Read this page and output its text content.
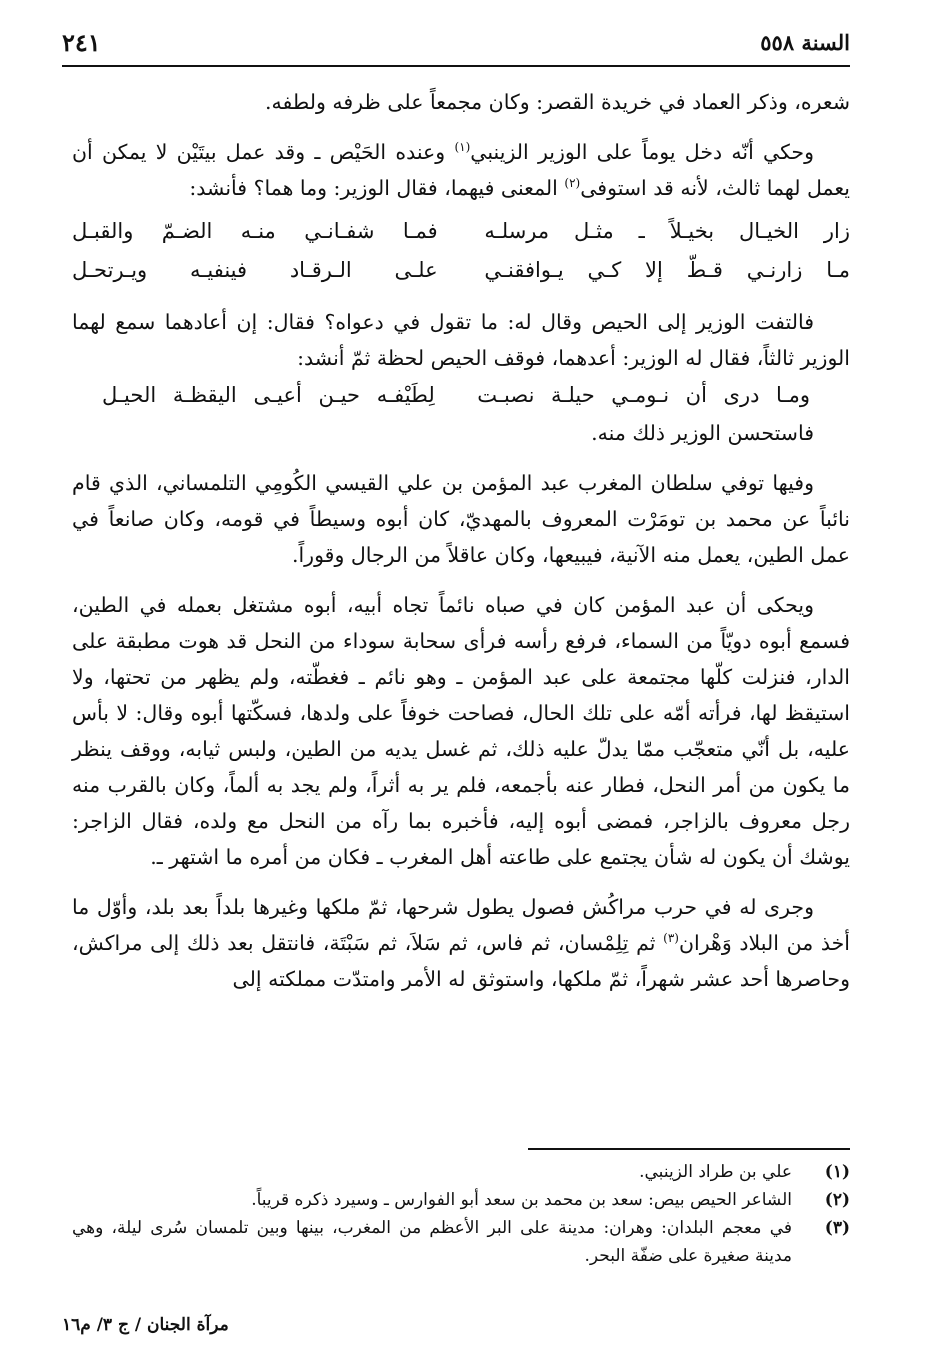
السنة ٥٥٨
٢٤١

شعره، وذكر العماد في خريدة القصر: وكان مجمعاً على ظرفه ولطفه.

وحكي أنّه دخل يوماً على الوزير الزينبي$^{(١)}$ وعنده الحَيْص ـ وقد عمل بيتَيْن لا يمكن أن يعمل لهما ثالث، لأنه قد استوفى$^{(٢)}$ المعنى فيهما، فقال الوزير: وما هما؟ فأنشد:

زار الخيـال بخيـلاً ـ مثـل مرسلـه
فمـا شفـانـي منـه الضـمّ والقبـل
مـا زارنـي قـطّ إلا كـي يـوافقنـي
علـى الـرقـاد فينفيـه ويـرتحـل

فالتفت الوزير إلى الحيص وقال له: ما تقول في دعواه؟ فقال: إن أعادهما سمع لهما الوزير ثالثاً، فقال له الوزير: أعدهما، فوقف الحيص لحظة ثمّ أنشد:

ومـا درى أن نـومـي حيلـة نصبـت
لِطَيْفـه حيـن أعيـى اليقظـة الحيـل

فاستحسن الوزير ذلك منه.

وفيها توفي سلطان المغرب عبد المؤمن بن علي القيسي الكُومِي التلمساني، الذي قام نائباً عن محمد بن تومَرْت المعروف بالمهديّ، كان أبوه وسيطاً في قومه، وكان صانعاً في عمل الطين، يعمل منه الآنية، فيبيعها، وكان عاقلاً من الرجال وقوراً.

ويحكى أن عبد المؤمن كان في صباه نائماً تجاه أبيه، أبوه مشتغل بعمله في الطين، فسمع أبوه دويّاً من السماء، فرفع رأسه فرأى سحابة سوداء من النحل قد هوت مطبقة على الدار، فنزلت كلّها مجتمعة على عبد المؤمن ـ وهو نائم ـ فغطّته، ولم يظهر من تحتها، ولا استيقظ لها، فرأته أمّه على تلك الحال، فصاحت خوفاً على ولدها، فسكّتها أبوه وقال: لا بأس عليه، بل أنّي متعجّب ممّا يدلّ عليه ذلك، ثم غسل يديه من الطين، ولبس ثيابه، ووقف ينظر ما يكون من أمر النحل، فطار عنه بأجمعه، فلم ير به أثراً، ولم يجد به ألماً، وكان بالقرب منه رجل معروف بالزاجر، فمضى أبوه إليه، فأخبره بما رآه من النحل مع ولده، فقال الزاجر: يوشك أن يكون له شأن يجتمع على طاعته أهل المغرب ـ فكان من أمره ما اشتهر ـ.

وجرى له في حرب مراكُش فصول يطول شرحها، ثمّ ملكها وغيرها بلداً بعد بلد، وأوّل ما أخذ من البلاد وَهْران$^{(٣)}$ ثم تِلِمْسان، ثم فاس، ثم سَلاَ، ثم سَبْتَة، فانتقل بعد ذلك إلى مراكش، وحاصرها أحد عشر شهراً، ثمّ ملكها، واستوثق له الأمر وامتدّت مملكته إلى

(١)
علي بن طراد الزينبي.
(٢)
الشاعر الحيص بيص: سعد بن محمد بن سعد أبو الفوارس ـ وسيرد ذكره قريباً.
(٣)
في معجم البلدان: وهران: مدينة على البر الأعظم من المغرب، بينها وبين تلمسان سُرى ليلة، وهي مدينة صغيرة على ضفّة البحر.
مرآة الجنان / ج ٣/ م١٦
